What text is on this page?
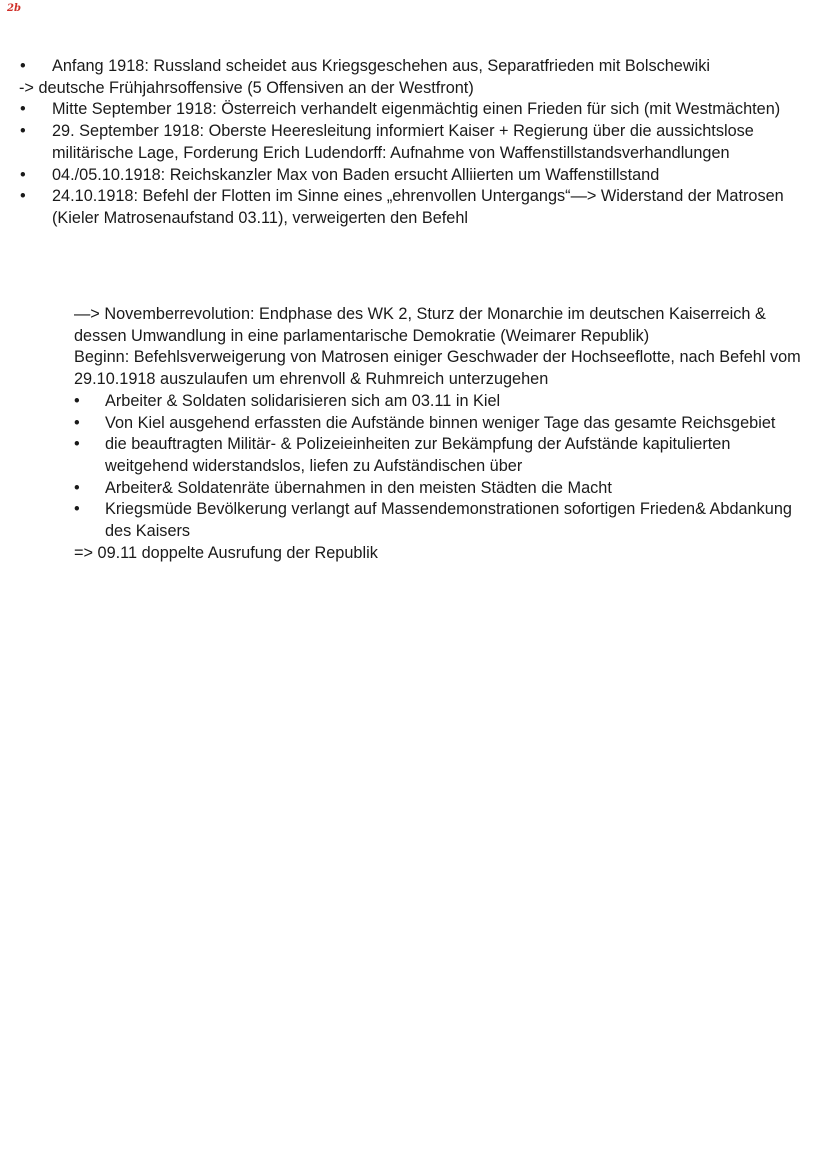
2b
•	Anfang 1918: Russland scheidet aus Kriegsgeschehen aus, Separatfrieden mit Bolschewiki
-> deutsche Frühjahrsoffensive (5 Offensiven an der Westfront)
•	Mitte September 1918: Österreich verhandelt eigenmächtig einen Frieden für sich (mit Westmächten)
•	29. September 1918: Oberste Heeresleitung informiert Kaiser + Regierung über die aussichtslose militärische Lage, Forderung Erich Ludendorff: Aufnahme von Waffenstillstandsverhandlungen
•	04./05.10.1918: Reichskanzler Max von Baden ersucht Alliierten um Waffenstillstand
•	24.10.1918: Befehl der Flotten im Sinne eines „ehrenvollen Untergangs“—> Widerstand der Matrosen (Kieler Matrosenaufstand 03.11), verweigerten den Befehl
—> Novemberrevolution: Endphase des WK 2, Sturz der Monarchie im deutschen Kaiserreich & dessen Umwandlung in eine parlamentarische Demokratie (Weimarer Republik)
Beginn: Befehlsverweigerung von Matrosen einiger Geschwader der Hochseeflotte, nach Befehl vom 29.10.1918 auszulaufen um ehrenvoll & Ruhmreich unterzugehen
•	Arbeiter & Soldaten solidarisieren sich am 03.11 in Kiel
•	Von Kiel ausgehend erfassten die Aufstände binnen weniger Tage das gesamte Reichsgebiet
•	die beauftragten Militär- & Polizeieinheiten zur Bekämpfung der Aufstände kapitulierten weitgehend widerstandslos, liefen zu Aufständischen über
•	Arbeiter& Soldatenräte übernahmen in den meisten Städten die Macht
•	Kriegsmüde Bevölkerung verlangt auf Massendemonstrationen sofortigen Frieden& Abdankung des Kaisers
=> 09.11 doppelte Ausrufung der Republik
